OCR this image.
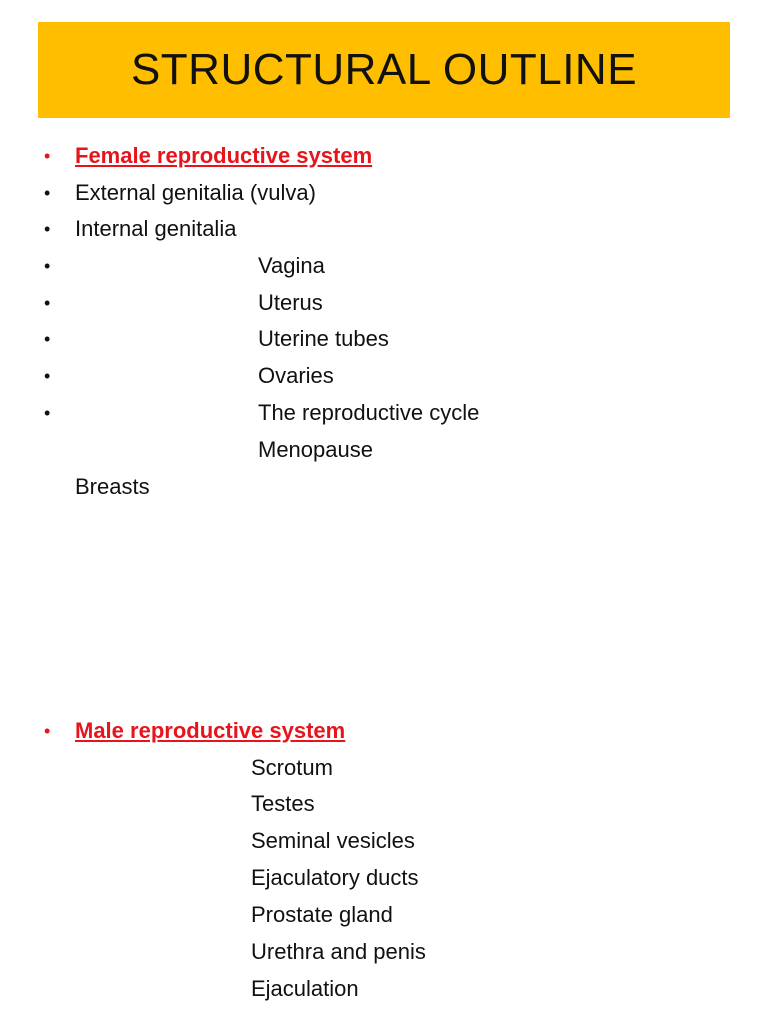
STRUCTURAL OUTLINE
• Female reproductive system
• External genitalia (vulva)
• Internal genitalia
•	Vagina
•	Uterus
•	Uterine tubes
•	Ovaries
•	The reproductive cycle
Menopause
Breasts
• Male reproductive system
Scrotum
Testes
Seminal vesicles
Ejaculatory ducts
Prostate gland
Urethra and penis
Ejaculation
